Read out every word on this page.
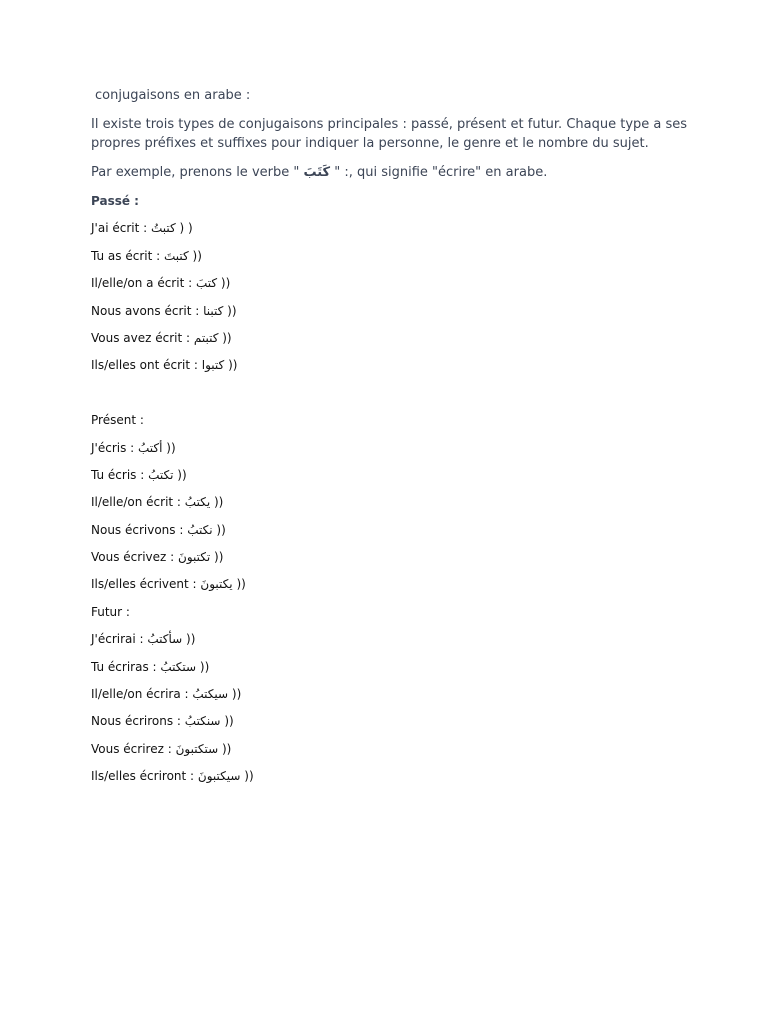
conjugaisons en arabe :
Il existe trois types de conjugaisons principales : passé, présent et futur. Chaque type a ses propres préfixes et suffixes pour indiquer la personne, le genre et le nombre du sujet.
Par exemple, prenons le verbe " كَتَبَ " :, qui signifie "écrire" en arabe.
Passé :
J'ai écrit : كتبتُ ) )
Tu as écrit : كتبتَ ))
Il/elle/on a écrit : كتبَ ))
Nous avons écrit : كتبنا ))
Vous avez écrit : كتبتم ))
Ils/elles ont écrit : كتبوا ))
Présent :
J'écris : أكتبُ ))
Tu écris : تكتبُ ))
Il/elle/on écrit : يكتبُ ))
Nous écrivons : نكتبُ ))
Vous écrivez : تكتبونَ ))
Ils/elles écrivent : يكتبونَ ))
Futur :
J'écrirai : سأكتبُ ))
Tu écriras : ستكتبُ ))
Il/elle/on écrira : سيكتبُ ))
Nous écrirons : سنكتبُ ))
Vous écrirez : ستكتبونَ ))
Ils/elles écriront : سيكتبونَ ))
